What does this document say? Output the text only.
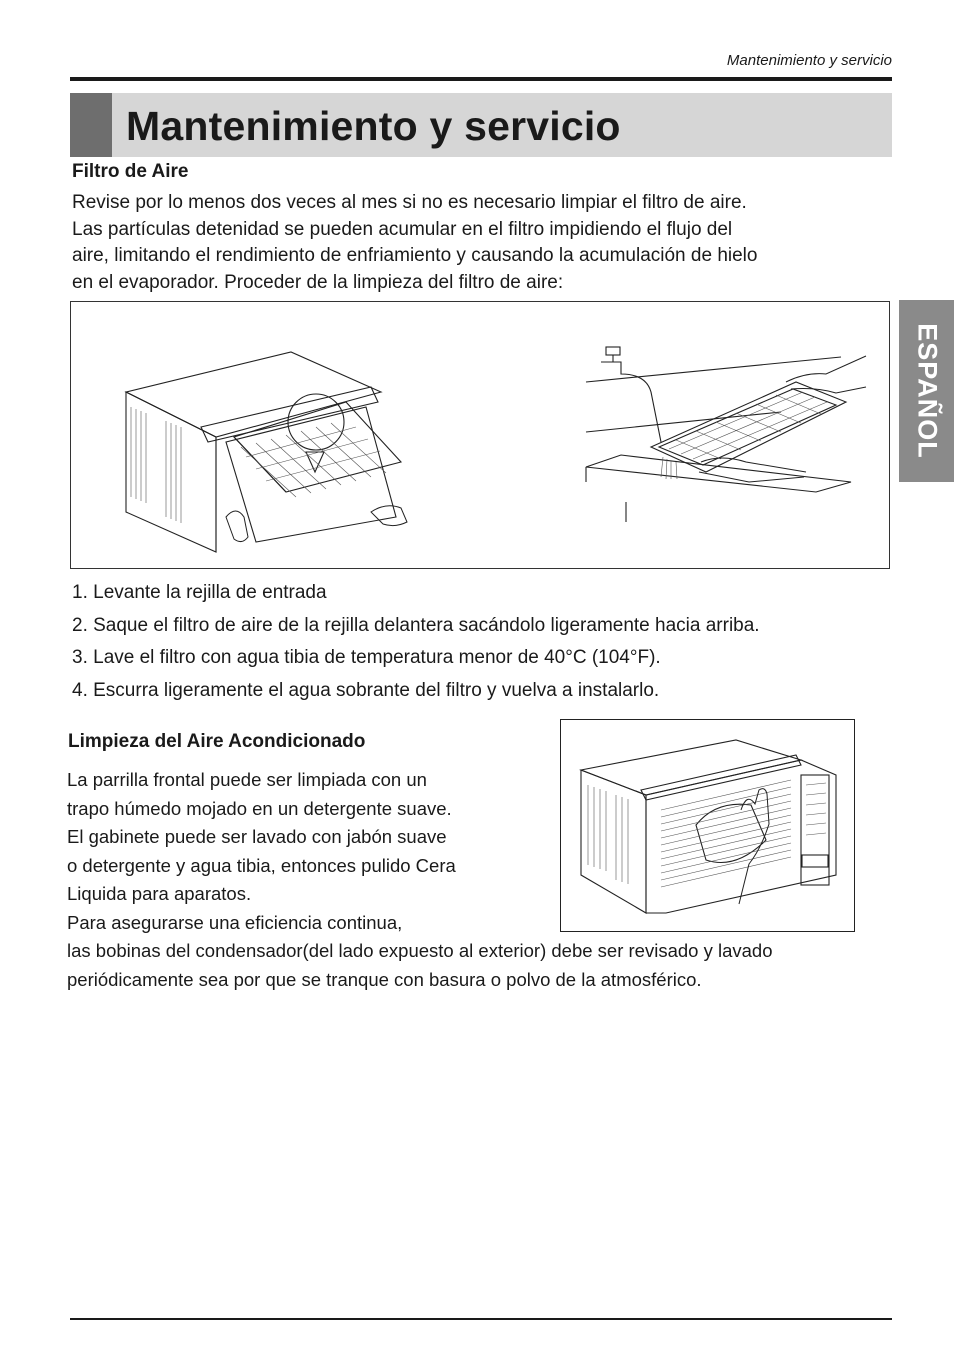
Mantenimiento y servicio
Mantenimiento y servicio
ESPAÑOL
Filtro de Aire
Revise por lo menos dos veces al mes si no es necesario limpiar el filtro de aire.
Las partículas detenidad se pueden acumular en el filtro impidiendo el flujo del
aire, limitando el rendimiento de enfriamiento y causando la acumulación de hielo
en el evaporador. Proceder de la limpieza del filtro de aire:
1. Levante la rejilla de entrada
2. Saque el filtro de aire de la rejilla delantera sacándolo ligeramente hacia arriba.
3. Lave el filtro con agua tibia de temperatura menor de 40°C (104°F).
4. Escurra ligeramente el agua sobrante del filtro y vuelva a instalarlo.
Limpieza del Aire Acondicionado
La parrilla frontal puede ser limpiada con un
trapo húmedo mojado en un detergente suave.
El gabinete puede ser lavado con jabón suave
o detergente y agua tibia, entonces pulido Cera
Liquida para aparatos.
Para asegurarse una eficiencia continua,
las bobinas del condensador(del lado expuesto al exterior) debe ser revisado y lavado
periódicamente sea por que se tranque con basura o polvo de la atmosférico.
